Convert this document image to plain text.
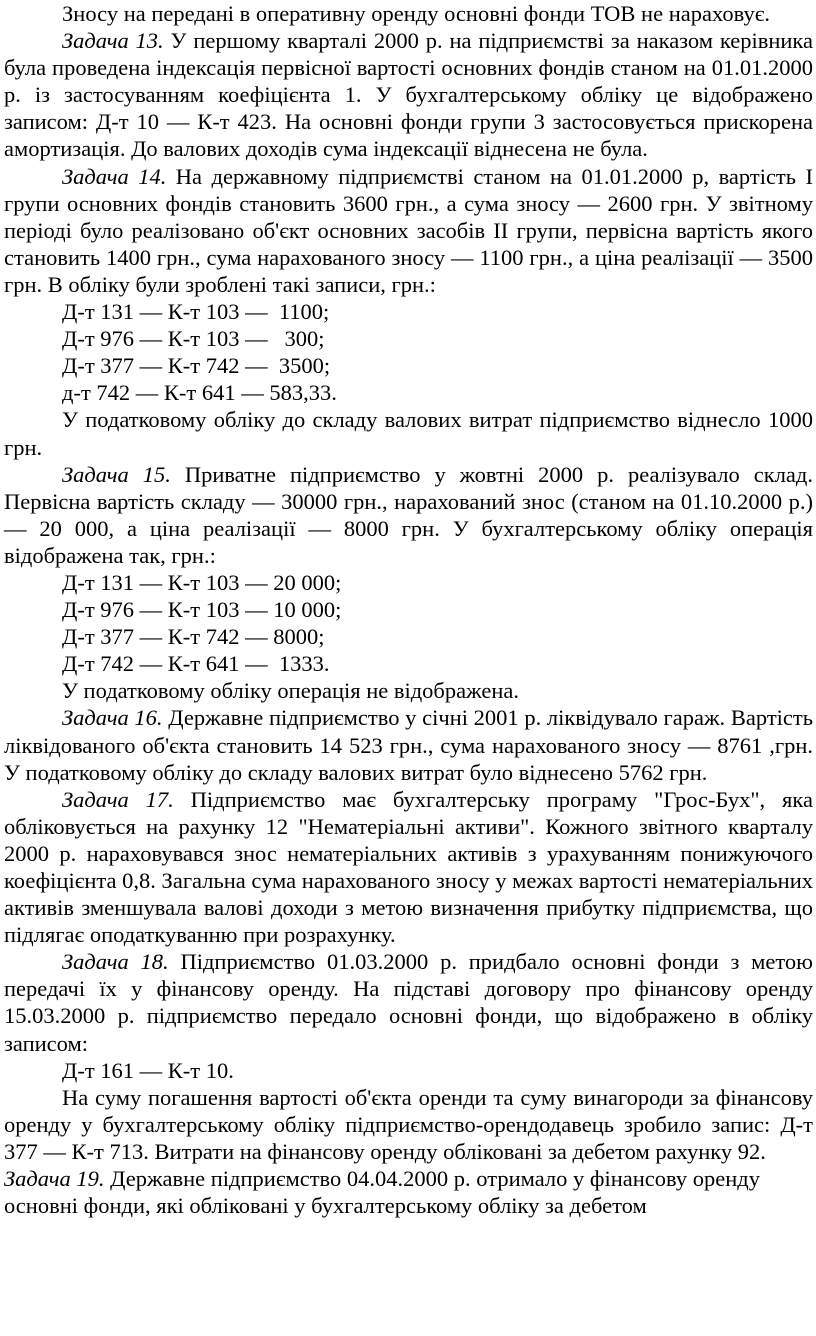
Зносу на передані в оперативну оренду основні фонди ТОВ не нараховує.

Задача 13. У першому кварталі 2000 р. на підприємстві за наказом керівника була проведена індексація первісної вартості основних фондів станом на 01.01.2000 р. із застосуванням коефіцієнта 1. У бухгалтерському обліку це відображено записом: Д-т 10 — К-т 423. На основні фонди групи 3 застосовується прискорена амортизація. До валових доходів сума індексації віднесена не була.

Задача 14. На державному підприємстві станом на 01.01.2000 р, вартість І групи основних фондів становить 3600 грн., а сума зносу — 2600 грн. У звітному періоді було реалізовано об'єкт основних засобів II групи, первісна вартість якого становить 1400 грн., сума нарахованого зносу — 1100 грн., а ціна реалізації — 3500 грн. В обліку були зроблені такі записи, грн.:

Д-т 131 — К-т 103 —  1100;

Д-т 976 — К-т 103 —   300;

Д-т 377 — К-т 742 —  3500;

д-т 742 — К-т 641 — 583,33.

У податковому обліку до складу валових витрат підприємство віднесло 1000 грн.

Задача 15. Приватне підприємство у жовтні 2000 р. реалізувало склад. Первісна вартість складу — 30000 грн., нарахований знос (станом на 01.10.2000 р.) — 20 000, а ціна реалізації — 8000 грн. У бухгалтерському обліку операція відображена так, грн.:

Д-т 131 — К-т 103 — 20 000;

Д-т 976 — К-т 103 — 10 000;

Д-т 377 — К-т 742 — 8000;

Д-т 742 — К-т 641 —  1333.

У податковому обліку операція не відображена.

Задача 16. Державне підприємство у січні 2001 р. ліквідувало гараж. Вартість ліквідованого об'єкта становить 14 523 грн., сума нарахованого зносу — 8761 ,грн. У податковому обліку до складу валових витрат було віднесено 5762 грн.

Задача 17. Підприємство має бухгалтерську програму "Грос-Бух", яка обліковується на рахунку 12 "Нематеріальні активи". Кожного звітного кварталу 2000 р. нараховувався знос нематеріальних активів з урахуванням понижуючого коефіцієнта 0,8. Загальна сума нарахованого зносу у межах вартості нематеріальних активів зменшувала валові доходи з метою визначення прибутку підприємства, що підлягає оподаткуванню при розрахунку.

Задача 18. Підприємство 01.03.2000 р. придбало основні фонди з метою передачі їх у фінансову оренду. На підставі договору про фінансову оренду 15.03.2000 р. підприємство передало основні фонди, що відображено в обліку записом:

Д-т 161 — К-т 10.

На суму погашення вартості об'єкта оренди та суму винагороди за фінансову оренду у бухгалтерському обліку підприємство-орендодавець зробило запис: Д-т 377 — К-т 713. Витрати на фінансову оренду обліковані за дебетом рахунку 92.

Задача 19. Державне підприємство 04.04.2000 р. отримало у фінансову оренду основні фонди, які обліковані у бухгалтерському обліку за дебетом
